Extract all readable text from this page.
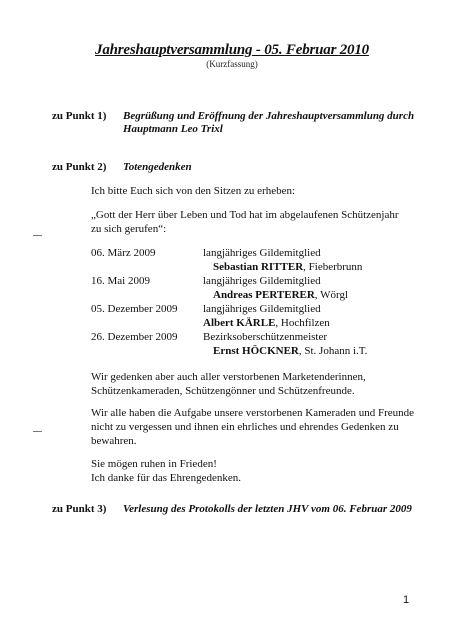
Jahreshauptversammlung - 05. Februar 2010
(Kurzfassung)
zu Punkt 1) Begrüßung und Eröffnung der Jahreshauptversammlung durch
Hauptmann Leo Trixl
zu Punkt 2) Totengedenken
Ich bitte Euch sich von den Sitzen zu erheben:
„Gott der Herr über Leben und Tod hat im abgelaufenen Schützenjahr
zu sich gerufen“:
06. März 2009	langjähriges Gildemitglied
Sebastian RITTER, Fieberbrunn
16. Mai 2009	langjähriges Gildemitglied
Andreas PERTERER, Wörgl
05. Dezember 2009 langjähriges Gildemitglied
Albert KÄRLE, Hochfilzen
26. Dezember 2009 Bezirksoberschützenmeister
Ernst HÖCKNER, St. Johann i.T.
Wir gedenken aber auch aller verstorbenen Marketenderinnen,
Schützenkameraden, Schützengönner und Schützenfreunde.
Wir alle haben die Aufgabe unsere verstorbenen Kameraden und Freunde
nicht zu vergessen und ihnen ein ehrliches und ehrendes Gedenken zu
bewahren.
Sie mögen ruhen in Frieden!
Ich danke für das Ehrengedenken.
zu Punkt 3) Verlesung des Protokolls der letzten JHV vom 06. Februar 2009
1
